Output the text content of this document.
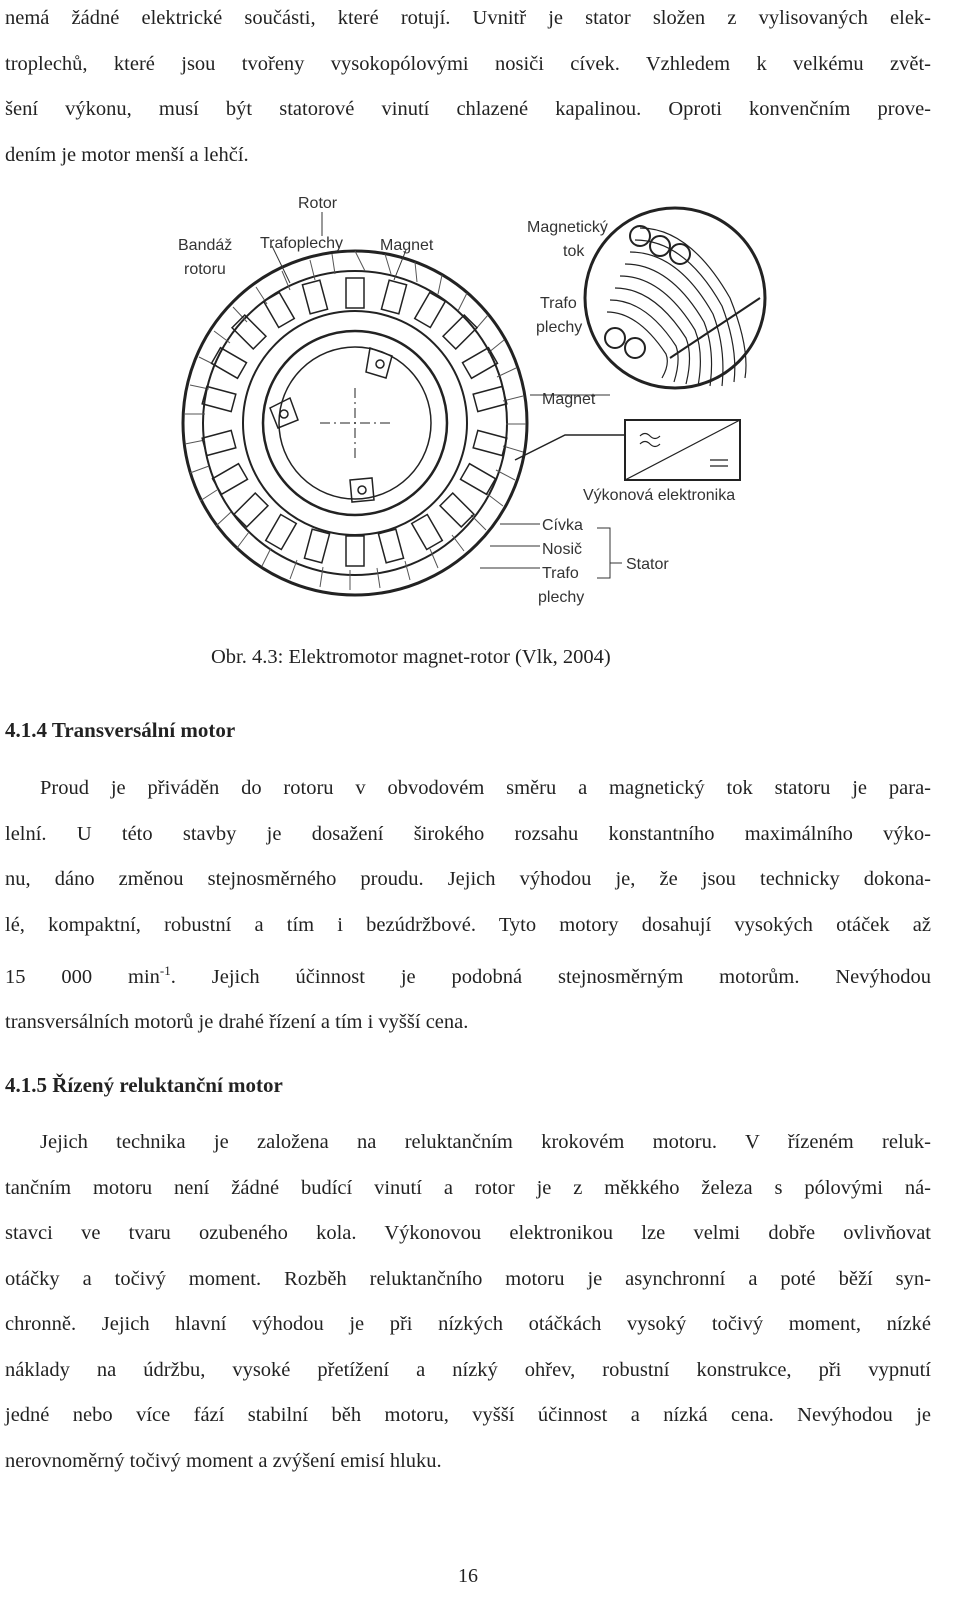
nemá žádné elektrické součásti, které rotují. Uvnitř je stator složen z vylisovaných elek-
troplechů, které jsou tvořeny vysokopólovými nosiči cívek. Vzhledem k velkému zvět-
šení výkonu, musí být statorové vinutí chlazené kapalinou. Oproti konvenčním prove-
dením je motor menší a lehčí.
Rotor
Bandáž
rotoru
Trafoplechy Magnet
Magnetický
tok
Trafo
plechy
Magnet
Výkonová elektronika
Cívka
Nosič
Trafo
plechy
Stator

Obr. 4.3: Elektromotor magnet-rotor (Vlk, 2004)

4.1.4 Transversální motor

Proud je přiváděn do rotoru v obvodovém směru a magnetický tok statoru je para-
lelní. U této stavby je dosažení širokého rozsahu konstantního maximálního výko-
nu, dáno změnou stejnosměrného proudu. Jejich výhodou je, že jsou technicky dokona-
lé, kompaktní, robustní a tím i bezúdržbové. Tyto motory dosahují vysokých otáček až
15 000 $\min^{-1}$. Jejich účinnost je podobná stejnosměrným motorům. Nevýhodou
transversálních motorů je drahé řízení a tím i vyšší cena.

4.1.5 Řízený reluktanční motor

Jejich technika je založena na reluktančním krokovém motoru. V řízeném reluk-
tančním motoru není žádné budící vinutí a rotor je z měkkého železa s pólovými ná-
stavci ve tvaru ozubeného kola. Výkonovou elektronikou lze velmi dobře ovlivňovat
otáčky a točivý moment. Rozběh reluktančního motoru je asynchronní a poté běží syn-
chronně. Jejich hlavní výhodou je při nízkých otáčkách vysoký točivý moment, nízké
náklady na údržbu, vysoké přetížení a nízký ohřev, robustní konstrukce, při vypnutí
jedné nebo více fází stabilní běh motoru, vyšší účinnost a nízká cena. Nevýhodou je
nerovnoměrný točivý moment a zvýšení emisí hluku.
16
